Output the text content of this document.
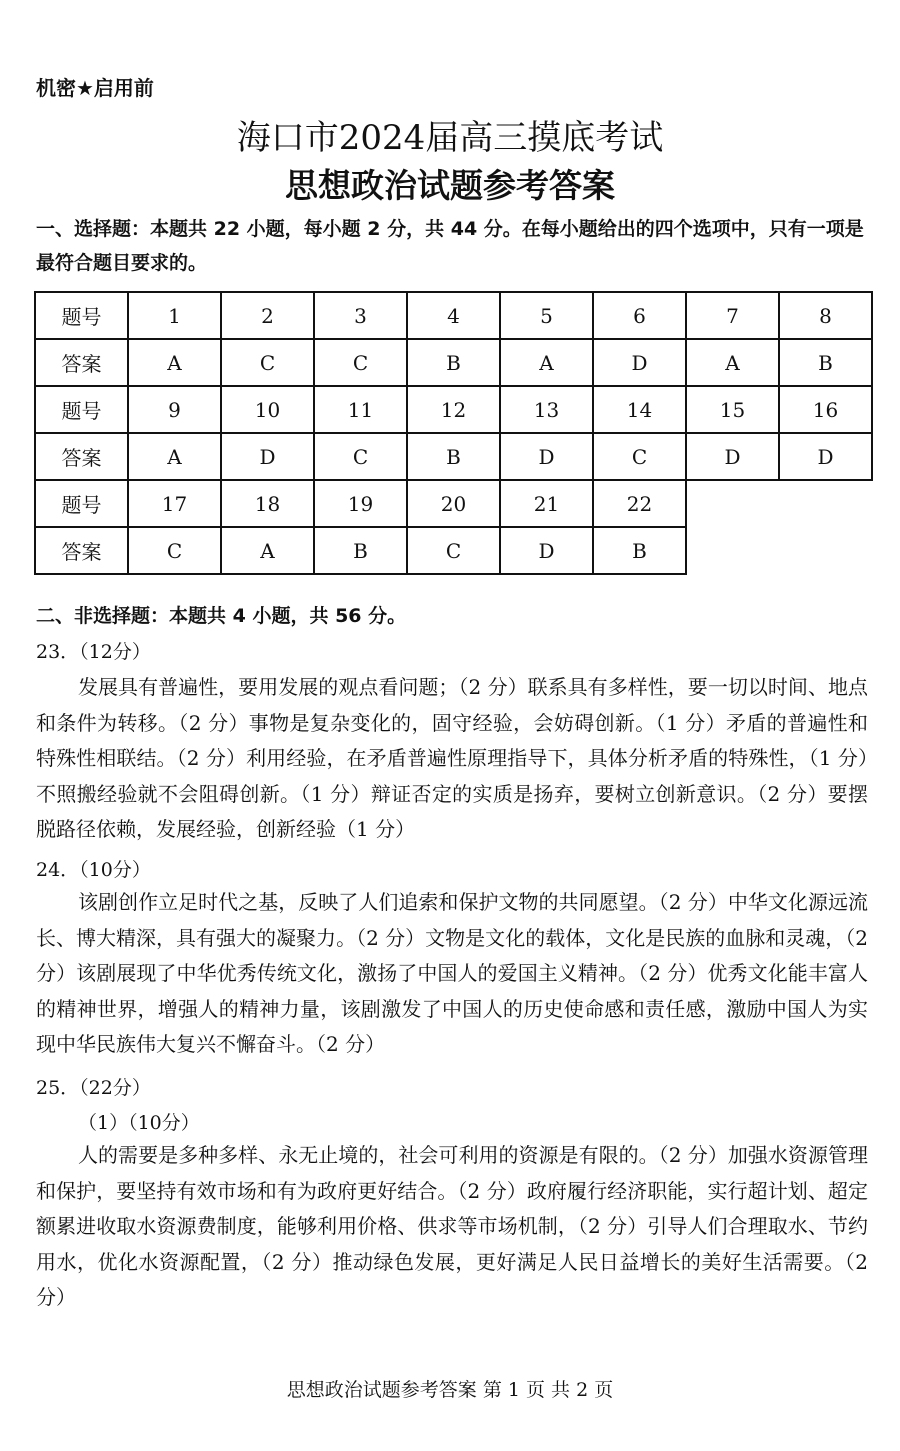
机密★启用前
海口市2024届高三摸底考试
思想政治试题参考答案
一、选择题：本题共 22 小题，每小题 2 分，共 44 分。在每小题给出的四个选项中，只有一项是最符合题目要求的。
题号	1	2	3	4	5	6	7	8
答案	A	C	C	B	A	D	A	B
题号	9	10	11	12	13	14	15	16
答案	A	D	C	B	D	C	D	D
题号	17	18	19	20	21	22		
答案	C	A	B	C	D	B		
二、非选择题：本题共 4 小题，共 56 分。
23．（12分）

发展具有普遍性，要用发展的观点看问题；（2 分）联系具有多样性，要一切以时间、地点和条件为转移。（2 分）事物是复杂变化的，固守经验，会妨碍创新。（1 分）矛盾的普遍性和特殊性相联结。（2 分）利用经验，在矛盾普遍性原理指导下，具体分析矛盾的特殊性，（1 分）不照搬经验就不会阻碍创新。（1 分）辩证否定的实质是扬弃，要树立创新意识。（2 分）要摆脱路径依赖，发展经验，创新经验（1 分）

24．（10分）

该剧创作立足时代之基，反映了人们追索和保护文物的共同愿望。（2 分）中华文化源远流长、博大精深，具有强大的凝聚力。（2 分）文物是文化的载体，文化是民族的血脉和灵魂，（2 分）该剧展现了中华优秀传统文化，激扬了中国人的爱国主义精神。（2 分）优秀文化能丰富人的精神世界，增强人的精神力量，该剧激发了中国人的历史使命感和责任感，激励中国人为实现中华民族伟大复兴不懈奋斗。（2 分）

25．（22分）
（1）（10分）

人的需要是多种多样、永无止境的，社会可利用的资源是有限的。（2 分）加强水资源管理和保护，要坚持有效市场和有为政府更好结合。（2 分）政府履行经济职能，实行超计划、超定额累进收取水资源费制度，能够利用价格、供求等市场机制，（2 分）引导人们合理取水、节约用水，优化水资源配置，（2 分）推动绿色发展，更好满足人民日益增长的美好生活需要。（2 分）

思想政治试题参考答案 第 1 页 共 2 页
